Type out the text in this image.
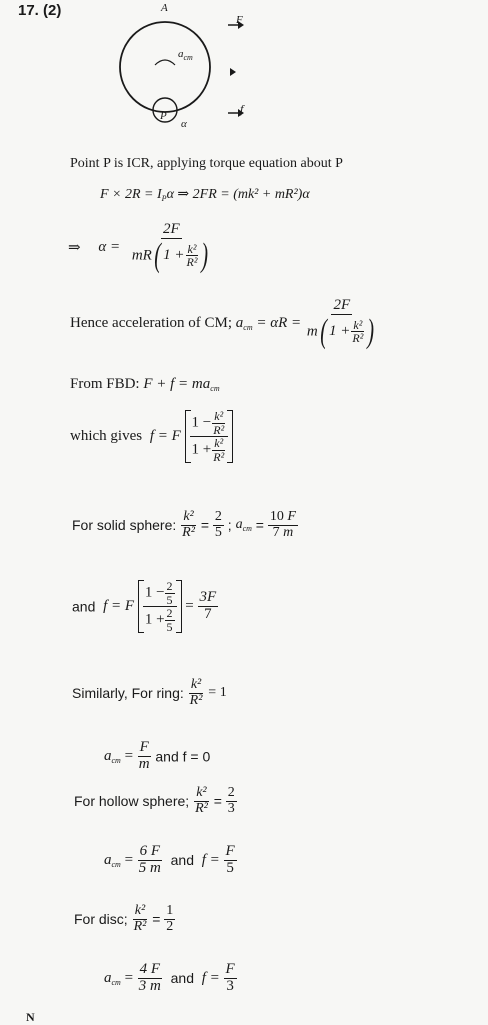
17. (2)
F
f
$a_{cm}$
α
P
A
Point P is ICR, applying torque equation about P
$F \times 2R = I_P\alpha$ ⇒ 2FR = (mk² + mR²)α
⇒ $\alpha = \frac{2F}{mR ( 1 + \frac{\text{k²}}{\text{R²}} )}$
Hence acceleration of CM; $a_{cm} = \alpha R = \frac{2F}{m ( 1 + \frac{\text{k²}}{\text{R²}} )}$
From FBD: $F + f = ma_{cm}$
which gives f = F $\frac{1 - \frac{\text{k²}}{\text{R²}}}{1 + \frac{\text{k²}}{\text{R²}}}$
For solid sphere: $\frac{\text{k²}}{\text{R²}} = \frac{2}{5}$ ; $a_{cm} = \frac{10 F}{7 m}$
and f = F $\frac{1 - \frac{2}{5}}{1 + \frac{2}{5}} = \frac{3F}{7}$
Similarly, For ring: $\frac{\text{k²}}{\text{R²}} = 1$
$a_{cm} = \frac{F}{m}$ and f = 0
For hollow sphere; $\frac{\text{k²}}{\text{R²}} = \frac{2}{3}$
$a_{cm} = \frac{6 F}{5 m}$ and $f = \frac{F}{5}$
For disc; $\frac{\text{k²}}{\text{R²}} = \frac{1}{2}$
$a_{cm} = \frac{4 F}{3 m}$ and $f = \frac{F}{3}$
N
